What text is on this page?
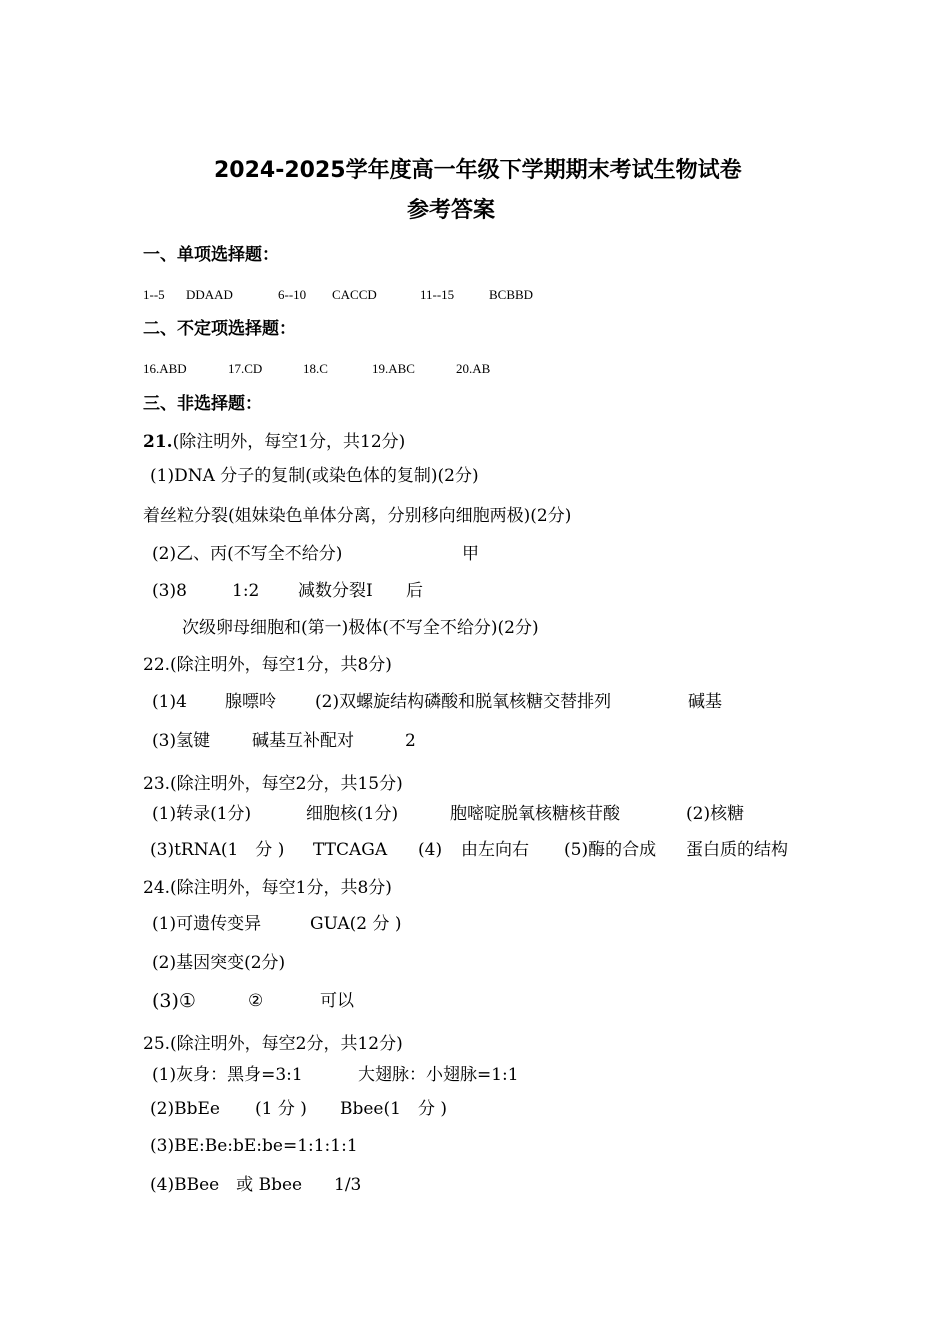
2024-2025学年度高一年级下学期期末考试生物试卷
参考答案
一、单项选择题：
1--5 DDAAD	6--10 CACCD	11--15	BCBBD
二、不定项选择题：
16.ABD	17.CD	18.C	19.ABC	20.AB
三、非选择题：
21.(除注明外，每空1分，共12分)
(1)DNA 分子的复制(或染色体的复制)(2分)
着丝粒分裂(姐妹染色单体分离，分别移向细胞两极)(2分)
(2)乙、丙(不写全不给分)	甲
(3)8	1:2 减数分裂I 后
次级卵母细胞和(第一)极体(不写全不给分)(2分)
22.(除注明外，每空1分，共8分)
(1)4 腺嘌呤 (2)双螺旋结构磷酸和脱氧核糖交替排列	碱基
(3)氢键 碱基互补配对	2
23.(除注明外，每空2分，共15分)
(1)转录(1分)	细胞核(1分)	胞嘧啶脱氧核糖核苷酸	(2)核糖
(3)tRNA(1　分 ) TTCAGA (4) 由左向右 (5)酶的合成 蛋白质的结构
24.(除注明外，每空1分，共8分)
(1)可遗传变异	GUA(2 分 )
(2)基因突变(2分)
(3)①	②	可以
25.(除注明外，每空2分，共12分)
(1)灰身：黑身=3:1	大翅脉：小翅脉=1:1
(2)BbEe (1 分 ) Bbee(1　分 )
(3)BE:Be:bE:be=1:1:1:1
(4)BBee　或 Bbee 1/3
